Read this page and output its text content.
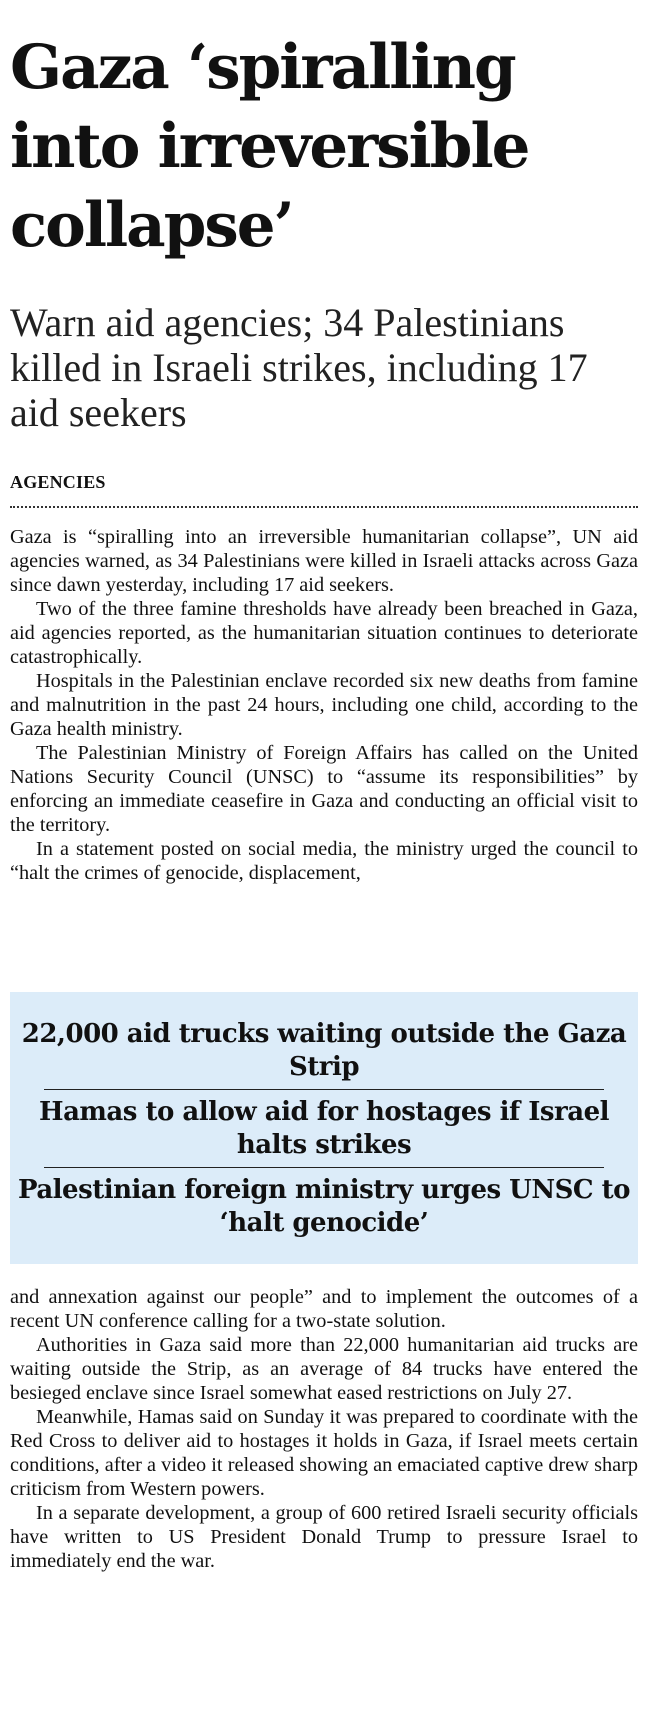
Gaza ‘spiralling into irreversible collapse’
Warn aid agencies; 34 Palestinians killed in Israeli strikes, including 17 aid seekers
AGENCIES

Gaza is “spiralling into an irreversible humanitarian collapse”, UN aid agencies warned, as 34 Palestinians were killed in Israeli attacks across Gaza since dawn yesterday, including 17 aid seekers.

Two of the three famine thresholds have already been breached in Gaza, aid agencies reported, as the humanitarian situation continues to deteriorate catastrophically.

Hospitals in the Palestinian enclave recorded six new deaths from famine and malnutrition in the past 24 hours, including one child, according to the Gaza health ministry.

The Palestinian Ministry of Foreign Affairs has called on the United Nations Security Council (UNSC) to “assume its responsibilities” by enforcing an immediate ceasefire in Gaza and conducting an official visit to the territory.

In a statement posted on social media, the ministry urged the council to “halt the crimes of genocide, displacement,

22,000 aid trucks waiting outside the Gaza Strip
Hamas to allow aid for hostages if Israel halts strikes
Palestinian foreign ministry urges UNSC to ‘halt genocide’

and annexation against our people” and to implement the outcomes of a recent UN conference calling for a two-state solution.

Authorities in Gaza said more than 22,000 humanitarian aid trucks are waiting outside the Strip, as an average of 84 trucks have entered the besieged enclave since Israel somewhat eased restrictions on July 27.

Meanwhile, Hamas said on Sunday it was prepared to coordinate with the Red Cross to deliver aid to hostages it holds in Gaza, if Israel meets certain conditions, after a video it released showing an emaciated captive drew sharp criticism from Western powers.

In a separate development, a group of 600 retired Israeli security officials have written to US President Donald Trump to pressure Israel to immediately end the war.
